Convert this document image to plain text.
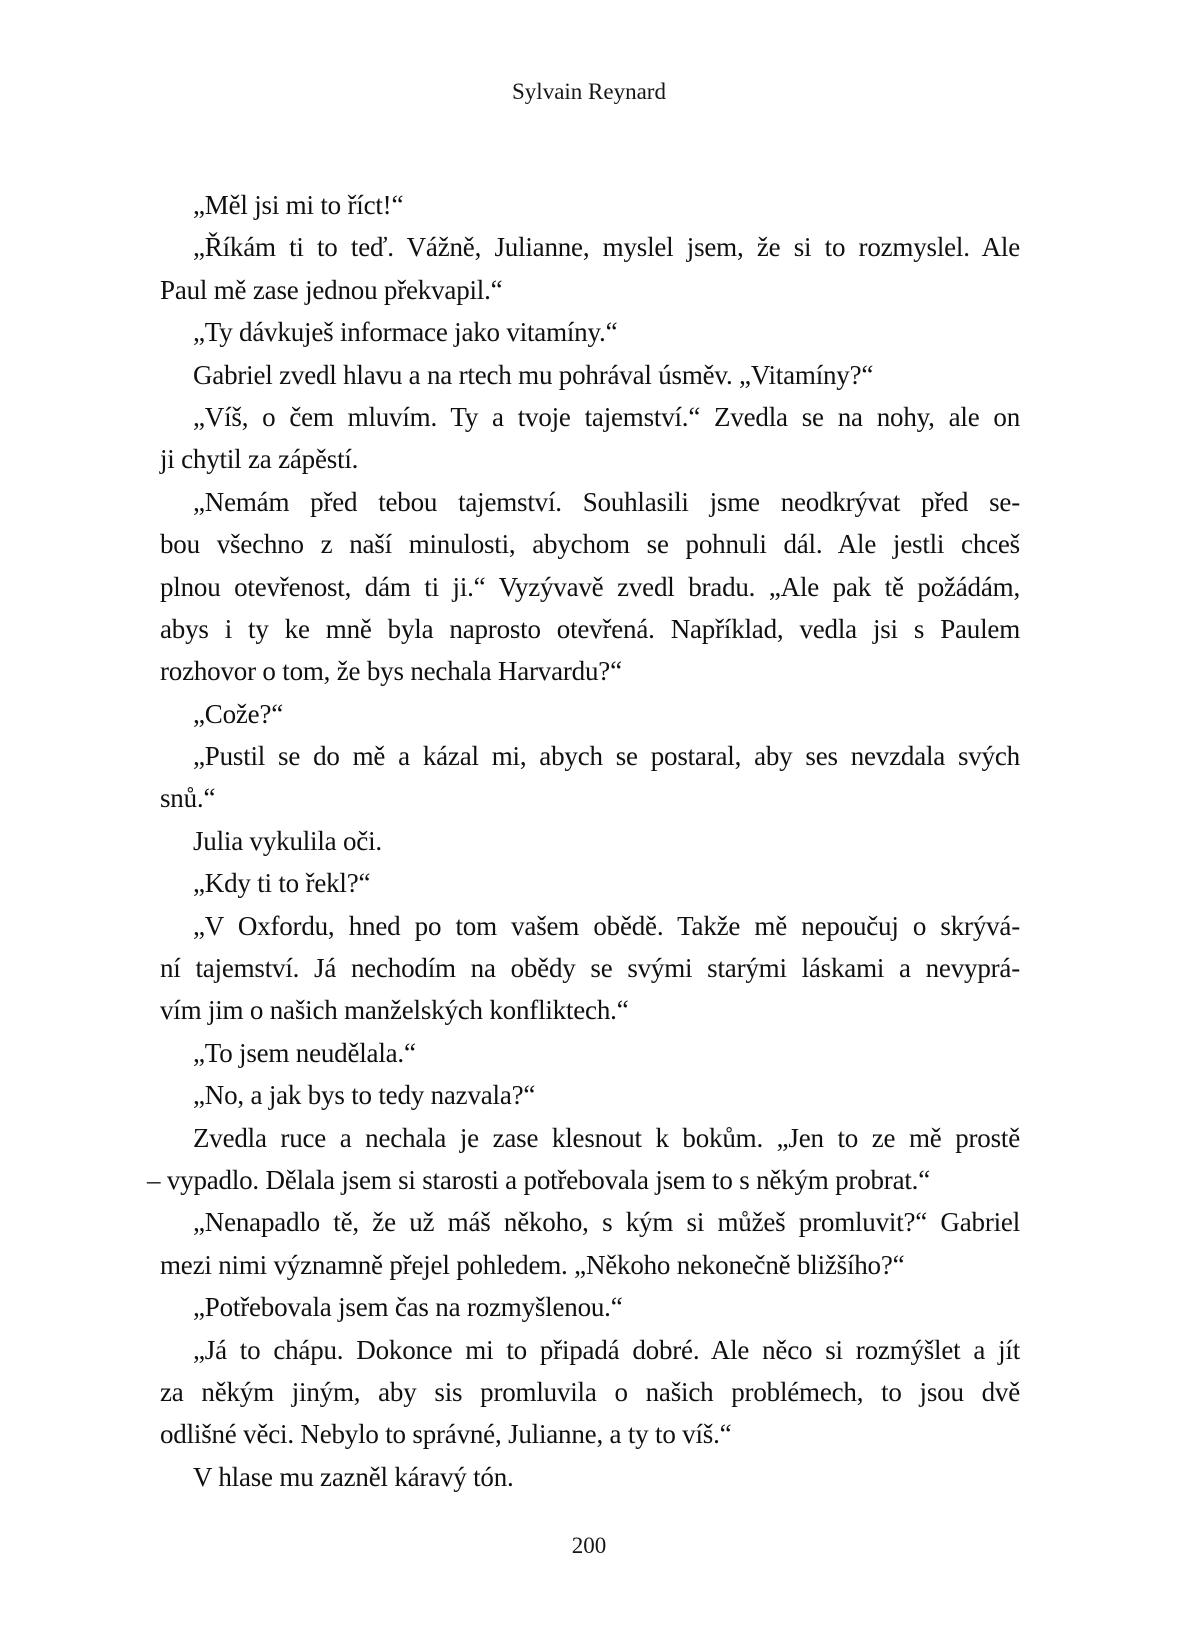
Sylvain Reynard
„Měl jsi mi to říct!“
„Říkám ti to teď. Vážně, Julianne, myslel jsem, že si to rozmyslel. Ale
Paul mě zase jednou překvapil.“
„Ty dávkuješ informace jako vitamíny.“
Gabriel zvedl hlavu a na rtech mu pohrával úsměv. „Vitamíny?“
„Víš, o čem mluvím. Ty a tvoje tajemství.“ Zvedla se na nohy, ale on
ji chytil za zápěstí.
„Nemám před tebou tajemství. Souhlasili jsme neodkrývat před se-
bou všechno z naší minulosti, abychom se pohnuli dál. Ale jestli chceš
plnou otevřenost, dám ti ji.“ Vyzývavě zvedl bradu. „Ale pak tě požádám,
abys i ty ke mně byla naprosto otevřená. Například, vedla jsi s Paulem
rozhovor o tom, že bys nechala Harvardu?“
„Cože?“
„Pustil se do mě a kázal mi, abych se postaral, aby ses nevzdala svých
snů.“
Julia vykulila oči.
„Kdy ti to řekl?“
„V Oxfordu, hned po tom vašem obědě. Takže mě nepoučuj o skrývá-
ní tajemství. Já nechodím na obědy se svými starými láskami a nevyprá-
vím jim o našich manželských konfliktech.“
„To jsem neudělala.“
„No, a jak bys to tedy nazvala?“
Zvedla ruce a nechala je zase klesnout k bokům. „Jen to ze mě prostě
– vypadlo. Dělala jsem si starosti a potřebovala jsem to s někým probrat.“
„Nenapadlo tě, že už máš někoho, s kým si můžeš promluvit?“ Gabriel
mezi nimi významně přejel pohledem. „Někoho nekonečně bližšího?“
„Potřebovala jsem čas na rozmyšlenou.“
„Já to chápu. Dokonce mi to připadá dobré. Ale něco si rozmýšlet a jít
za někým jiným, aby sis promluvila o našich problémech, to jsou dvě
odlišné věci. Nebylo to správné, Julianne, a ty to víš.“
V hlase mu zazněl káravý tón.
200
